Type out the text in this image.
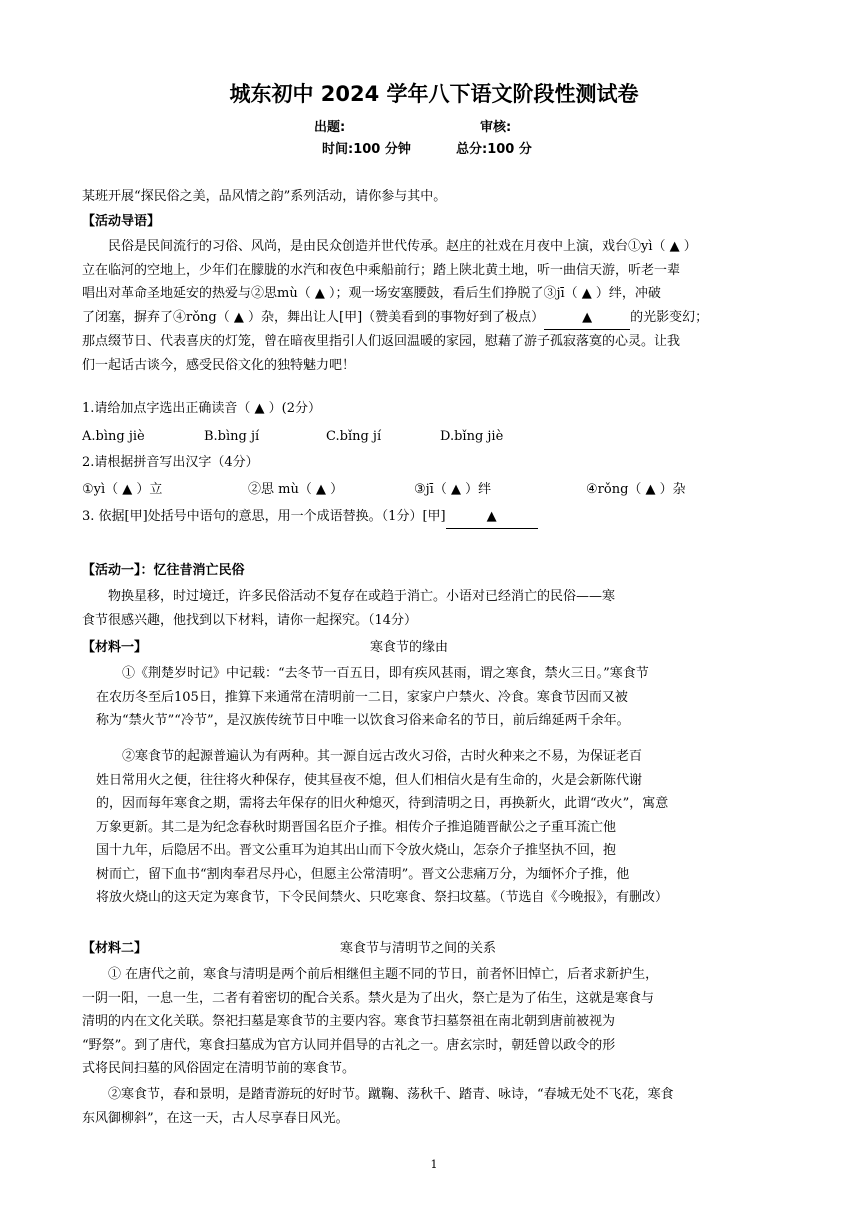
城东初中 2024 学年八下语文阶段性测试卷
出题:	审核:
时间:100 分钟	总分:100 分
某班开展“探民俗之美，品风情之韵”系列活动，请你参与其中。
【活动导语】
民俗是民间流行的习俗、风尚，是由民众创造并世代传承。赵庄的社戏在月夜中上演，戏台①yì（ ▲ ）
立在临河的空地上，少年们在朦胧的水汽和夜色中乘船前行；踏上陕北黄土地，听一曲信天游，听老一辈
唱出对革命圣地延安的热爱与②思mù（ ▲ ）；观一场安塞腰鼓，看后生们挣脱了③jī（ ▲ ）绊，冲破
了闭塞，摒弃了④rǒng（ ▲ ）杂，舞出让人[甲]（赞美看到的事物好到了极点）	▲	的光影变幻；
那点缀节日、代表喜庆的灯笼，曾在暗夜里指引人们返回温暖的家园，慰藉了游子孤寂落寞的心灵。让我
们一起话古谈今，感受民俗文化的独特魅力吧！
1.请给加点字选出正确读音（ ▲ ）(2分）
A.bìng jiè	B.bìng jí	C.bǐng jí	D.bǐng jiè
2.请根据拼音写出汉字（4分）
①yì（ ▲ ）立	②思 mù（ ▲ ）	③jī（ ▲ ）绊	④rǒng（ ▲ ）杂
3. 依据[甲]处括号中语句的意思，用一个成语替换。（1分）[甲]	▲
【活动一】：忆往昔消亡民俗
物换星移，时过境迁，许多民俗活动不复存在或趋于消亡。小语对已经消亡的民俗——寒
食节很感兴趣，他找到以下材料，请你一起探究。（14分）
【材料一】	寒食节的缘由
①《荆楚岁时记》中记载：“去冬节一百五日，即有疾风甚雨，谓之寒食，禁火三日。”寒食节
在农历冬至后105日，推算下来通常在清明前一二日，家家户户禁火、冷食。寒食节因而又被
称为“禁火节”“冷节”，是汉族传统节日中唯一以饮食习俗来命名的节日，前后绵延两千余年。
②寒食节的起源普遍认为有两种。其一源自远古改火习俗，古时火种来之不易，为保证老百
姓日常用火之便，往往将火种保存，使其昼夜不熄，但人们相信火是有生命的，火是会新陈代谢
的，因而每年寒食之期，需将去年保存的旧火种熄灭，待到清明之日，再换新火，此谓“改火”，寓意
万象更新。其二是为纪念春秋时期晋国名臣介子推。相传介子推追随晋献公之子重耳流亡他
国十九年，后隐居不出。晋文公重耳为迫其出山而下令放火烧山，怎奈介子推坚执不回，抱
树而亡，留下血书“割肉奉君尽丹心，但愿主公常清明”。晋文公悲痛万分，为缅怀介子推，他
将放火烧山的这天定为寒食节，下令民间禁火、只吃寒食、祭扫坟墓。（节选自《今晚报》，有删改）
【材料二】	寒食节与清明节之间的关系
① 在唐代之前，寒食与清明是两个前后相继但主题不同的节日，前者怀旧悼亡，后者求新护生，
一阴一阳，一息一生，二者有着密切的配合关系。禁火是为了出火，祭亡是为了佑生，这就是寒食与
清明的内在文化关联。祭祀扫墓是寒食节的主要内容。寒食节扫墓祭祖在南北朝到唐前被视为
“野祭”。到了唐代，寒食扫墓成为官方认同并倡导的古礼之一。唐玄宗时，朝廷曾以政令的形
式将民间扫墓的风俗固定在清明节前的寒食节。
②寒食节，春和景明，是踏青游玩的好时节。蹴鞠、荡秋千、踏青、咏诗，“春城无处不飞花，寒食
东风御柳斜”，在这一天，古人尽享春日风光。
1
